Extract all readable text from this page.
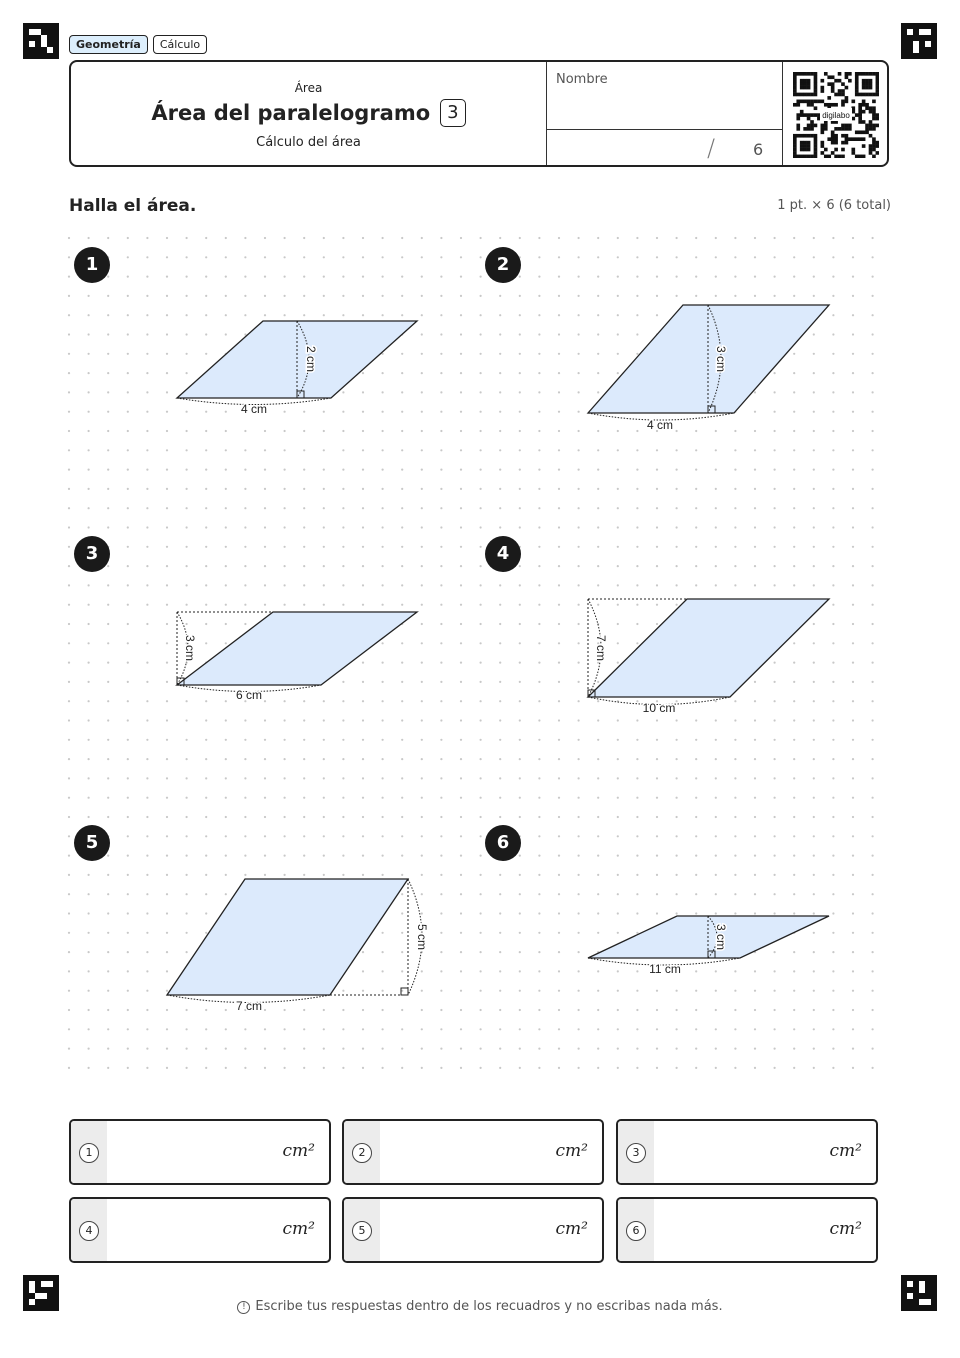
Geometría	Cálculo
Área
Área del paralelogramo 3
Cálculo del área
Nombre
/ 6
digilabo
Halla el área.	1 pt. × 6 (6 total)
1	2
3	4
5	6
4 cm
2 cm
4 cm
3 cm
6 cm
3 cm
10 cm
7 cm
7 cm
5 cm
11 cm
3 cm
1	cm²	2	cm²	3	cm²
4	cm²	5	cm²	6	cm²
! Escribe tus respuestas dentro de los recuadros y no escribas nada más.
